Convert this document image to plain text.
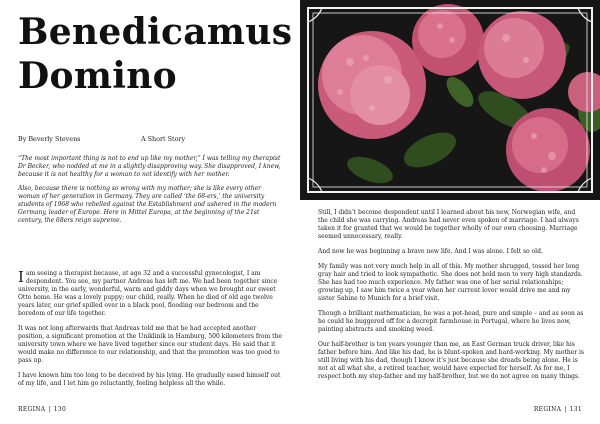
Benedicamus
Domino
By Beverly Stevens	A Short Story

“The most important thing is not to end up like my mother,” I was telling my therapist Dr Becker, who nodded at me in a slightly disapproving way. She disapproved, I knew, because it is not healthy for a woman to not identify with her mother.

Also, because there is nothing so wrong with my mother; she is like every other woman of her generation in Germany. They are called ‘the 68-ers,’ the university students of 1968 who rebelled against the Establishment and ushered in the modern Germany, leader of Europe. Here in Mittel Europa, at the beginning of the 21st century, the 68ers reign supreme.

Iam seeing a therapist because, at age 32 and a successful gynecologist, I am despondent. You see, my partner Andreas has left me. We had been together since university, in the early, wonderful, warm and giddy days when we brought our sweet Otto home. He was a lovely puppy; our child, really. When he died of old age twelve years later, our grief spilled over in a black pool, flooding our bedroom and the boredom of our life together.

It was not long afterwards that Andreas told me that he had accepted another position, a significant promotion at the Uniklinik in Hamburg, 500 kilometers from the university town where we have lived together since our student days. He said that it would make no difference to our relationship, and that the promotion was too good to pass up.

I have known him too long to be deceived by his lying. He gradually eased himself out of my life, and I let him go reluctantly, feeling helpless all the while.

REGINA | 130

Still, I didn’t become despondent until I learned about his new, Norwegian wife, and the child she was carrying. Andreas had never even spoken of marriage. I had always taken it for granted that we would be together wholly of our own choosing. Marriage seemed unnecessary, really.

And now he was beginning a brave new life. And I was alone. I felt so old.

My family was not very much help in all of this. My mother shrugged, tossed her long gray hair and tried to look sympathetic. She does not hold men to very high standards. She has had too much experience. My father was one of her serial relationships; growing up, I saw him twice a year when her current lover would drive me and my sister Sabine to Munich for a brief visit.

Though a brilliant mathematician, he was a pot-head, pure and simple – and as soon as he could he buggered off for a decrepit farmhouse in Portugal, where he lives now, painting abstracts and smoking weed.

Our half-brother is ten years younger than me, an East German truck driver, like his father before him. And like his dad, he is blunt-spoken and hard-working. My mother is still living with his dad, though I know it’s just because she dreads being alone. He is not at all what she, a retired teacher, would have expected for herself. As for me, I respect both my step-father and my half-brother, but we do not agree on many things.

REGINA | 131
